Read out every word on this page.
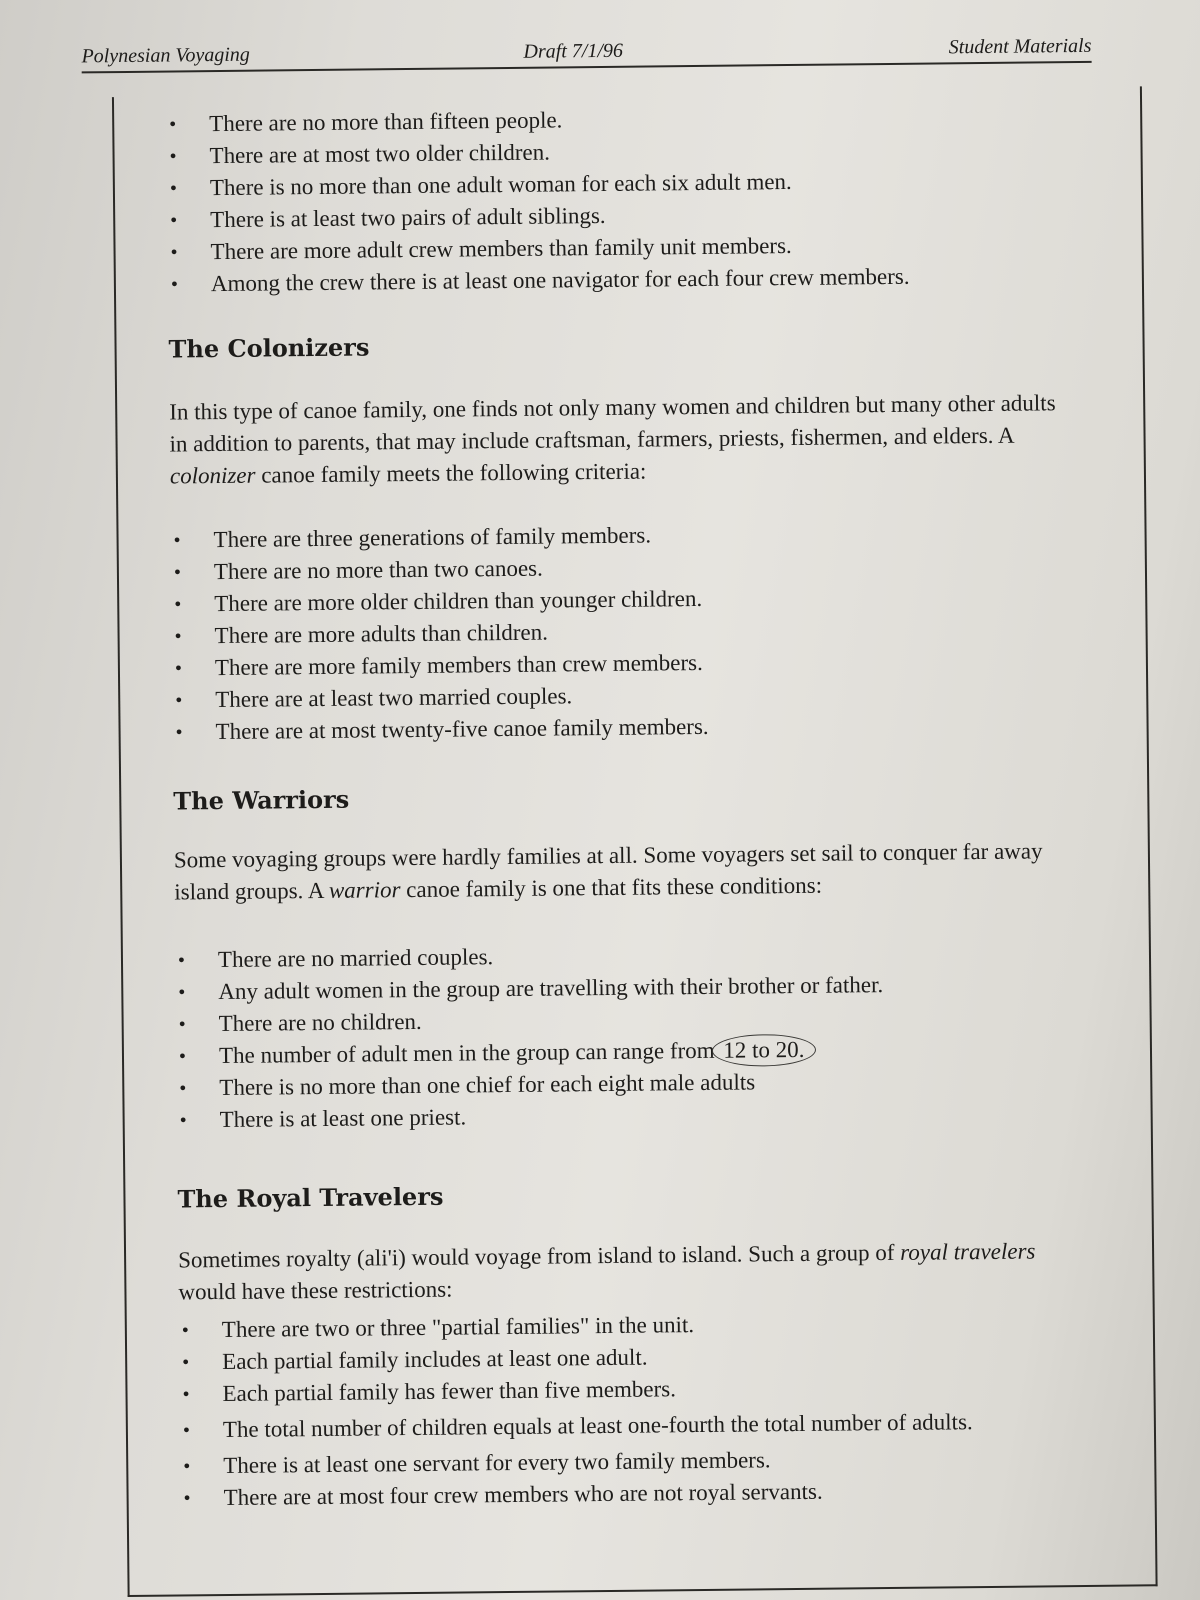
Polynesian Voyaging	Draft 7/1/96	Student Materials
• There are no more than fifteen people.
• There are at most two older children.
• There is no more than one adult woman for each six adult men.
• There is at least two pairs of adult siblings.
• There are more adult crew members than family unit members.
• Among the crew there is at least one navigator for each four crew members.
The Colonizers
In this type of canoe family, one finds not only many women and children but many other adults in addition to parents, that may include craftsman, farmers, priests, fishermen, and elders. A colonizer canoe family meets the following criteria:
• There are three generations of family members.
• There are no more than two canoes.
• There are more older children than younger children.
• There are more adults than children.
• There are more family members than crew members.
• There are at least two married couples.
• There are at most twenty-five canoe family members.
The Warriors
Some voyaging groups were hardly families at all. Some voyagers set sail to conquer far away island groups. A warrior canoe family is one that fits these conditions:
• There are no married couples.
• Any adult women in the group are travelling with their brother or father.
• There are no children.
• The number of adult men in the group can range from 12 to 20.
• There is no more than one chief for each eight male adults
• There is at least one priest.
The Royal Travelers
Sometimes royalty (ali'i) would voyage from island to island. Such a group of royal travelers would have these restrictions:
• There are two or three "partial families" in the unit.
• Each partial family includes at least one adult.
• Each partial family has fewer than five members.
• The total number of children equals at least one-fourth the total number of adults.
• There is at least one servant for every two family members.
• There are at most four crew members who are not royal servants.
